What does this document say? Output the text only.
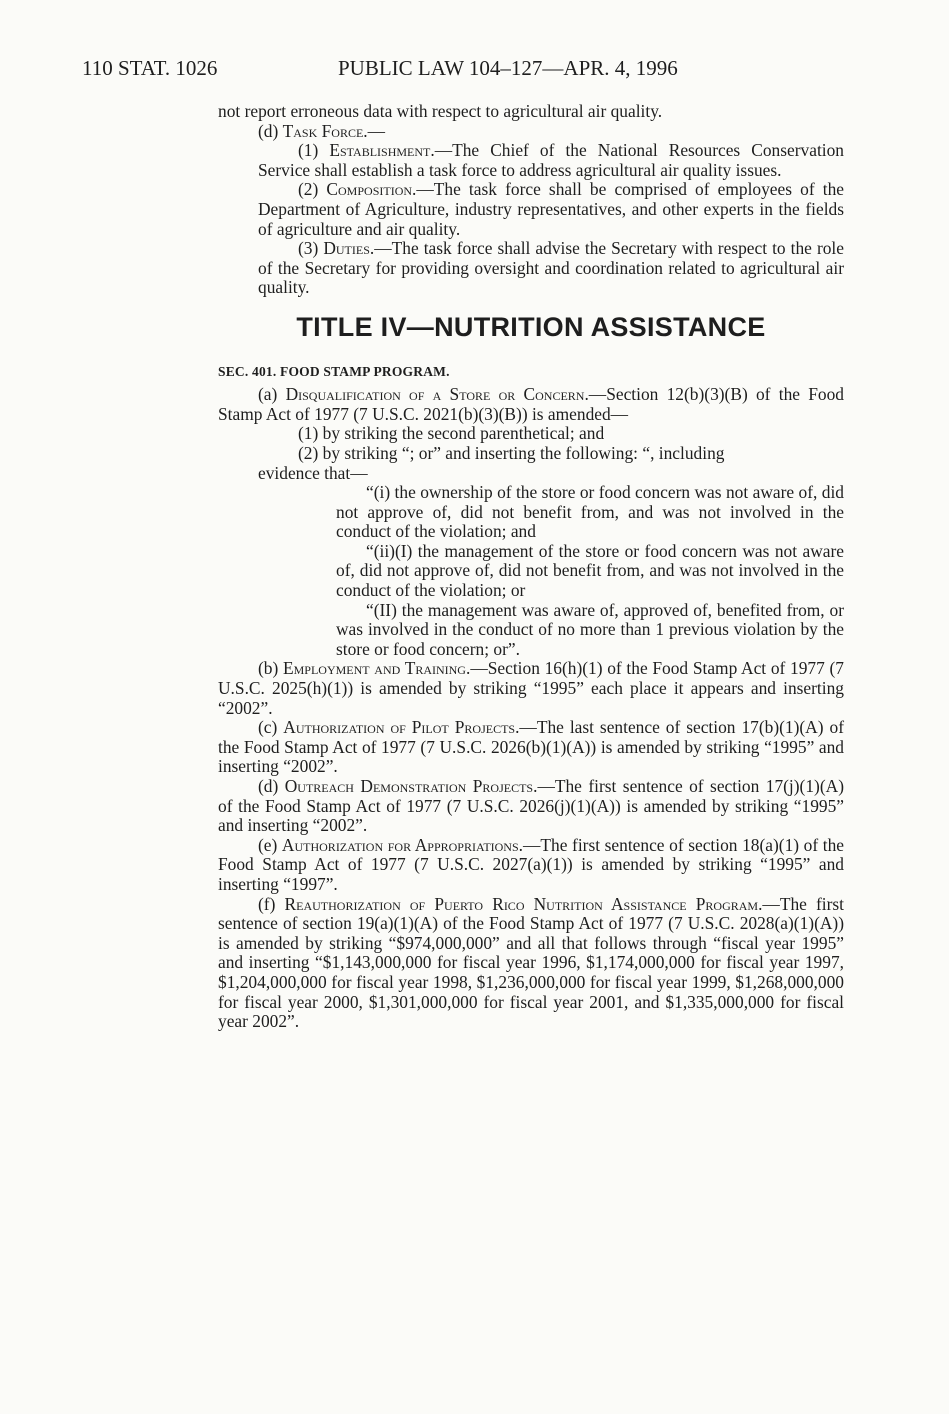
110 STAT. 1026	PUBLIC LAW 104–127—APR. 4, 1996

not report erroneous data with respect to agricultural air quality.

(d) Task Force.—

(1) Establishment.—The Chief of the National Resources Conservation Service shall establish a task force to address agricultural air quality issues.

(2) Composition.—The task force shall be comprised of employees of the Department of Agriculture, industry representatives, and other experts in the fields of agriculture and air quality.

(3) Duties.—The task force shall advise the Secretary with respect to the role of the Secretary for providing oversight and coordination related to agricultural air quality.

TITLE IV—NUTRITION ASSISTANCE
SEC. 401. FOOD STAMP PROGRAM.

(a) Disqualification of a Store or Concern.—Section 12(b)(3)(B) of the Food Stamp Act of 1977 (7 U.S.C. 2021(b)(3)(B)) is amended—

(1) by striking the second parenthetical; and

(2) by striking “; or” and inserting the following: “, including

evidence that—

“(i) the ownership of the store or food concern was not aware of, did not approve of, did not benefit from, and was not involved in the conduct of the violation; and

“(ii)(I) the management of the store or food concern was not aware of, did not approve of, did not benefit from, and was not involved in the conduct of the violation; or

“(II) the management was aware of, approved of, benefited from, or was involved in the conduct of no more than 1 previous violation by the store or food concern; or”.

(b) Employment and Training.—Section 16(h)(1) of the Food Stamp Act of 1977 (7 U.S.C. 2025(h)(1)) is amended by striking “1995” each place it appears and inserting “2002”.

(c) Authorization of Pilot Projects.—The last sentence of section 17(b)(1)(A) of the Food Stamp Act of 1977 (7 U.S.C. 2026(b)(1)(A)) is amended by striking “1995” and inserting “2002”.

(d) Outreach Demonstration Projects.—The first sentence of section 17(j)(1)(A) of the Food Stamp Act of 1977 (7 U.S.C. 2026(j)(1)(A)) is amended by striking “1995” and inserting “2002”.

(e) Authorization for Appropriations.—The first sentence of section 18(a)(1) of the Food Stamp Act of 1977 (7 U.S.C. 2027(a)(1)) is amended by striking “1995” and inserting “1997”.

(f) Reauthorization of Puerto Rico Nutrition Assistance Program.—The first sentence of section 19(a)(1)(A) of the Food Stamp Act of 1977 (7 U.S.C. 2028(a)(1)(A)) is amended by striking “$974,000,000” and all that follows through “fiscal year 1995” and inserting “$1,143,000,000 for fiscal year 1996, $1,174,000,000 for fiscal year 1997, $1,204,000,000 for fiscal year 1998, $1,236,000,000 for fiscal year 1999, $1,268,000,000 for fiscal year 2000, $1,301,000,000 for fiscal year 2001, and $1,335,000,000 for fiscal year 2002”.
